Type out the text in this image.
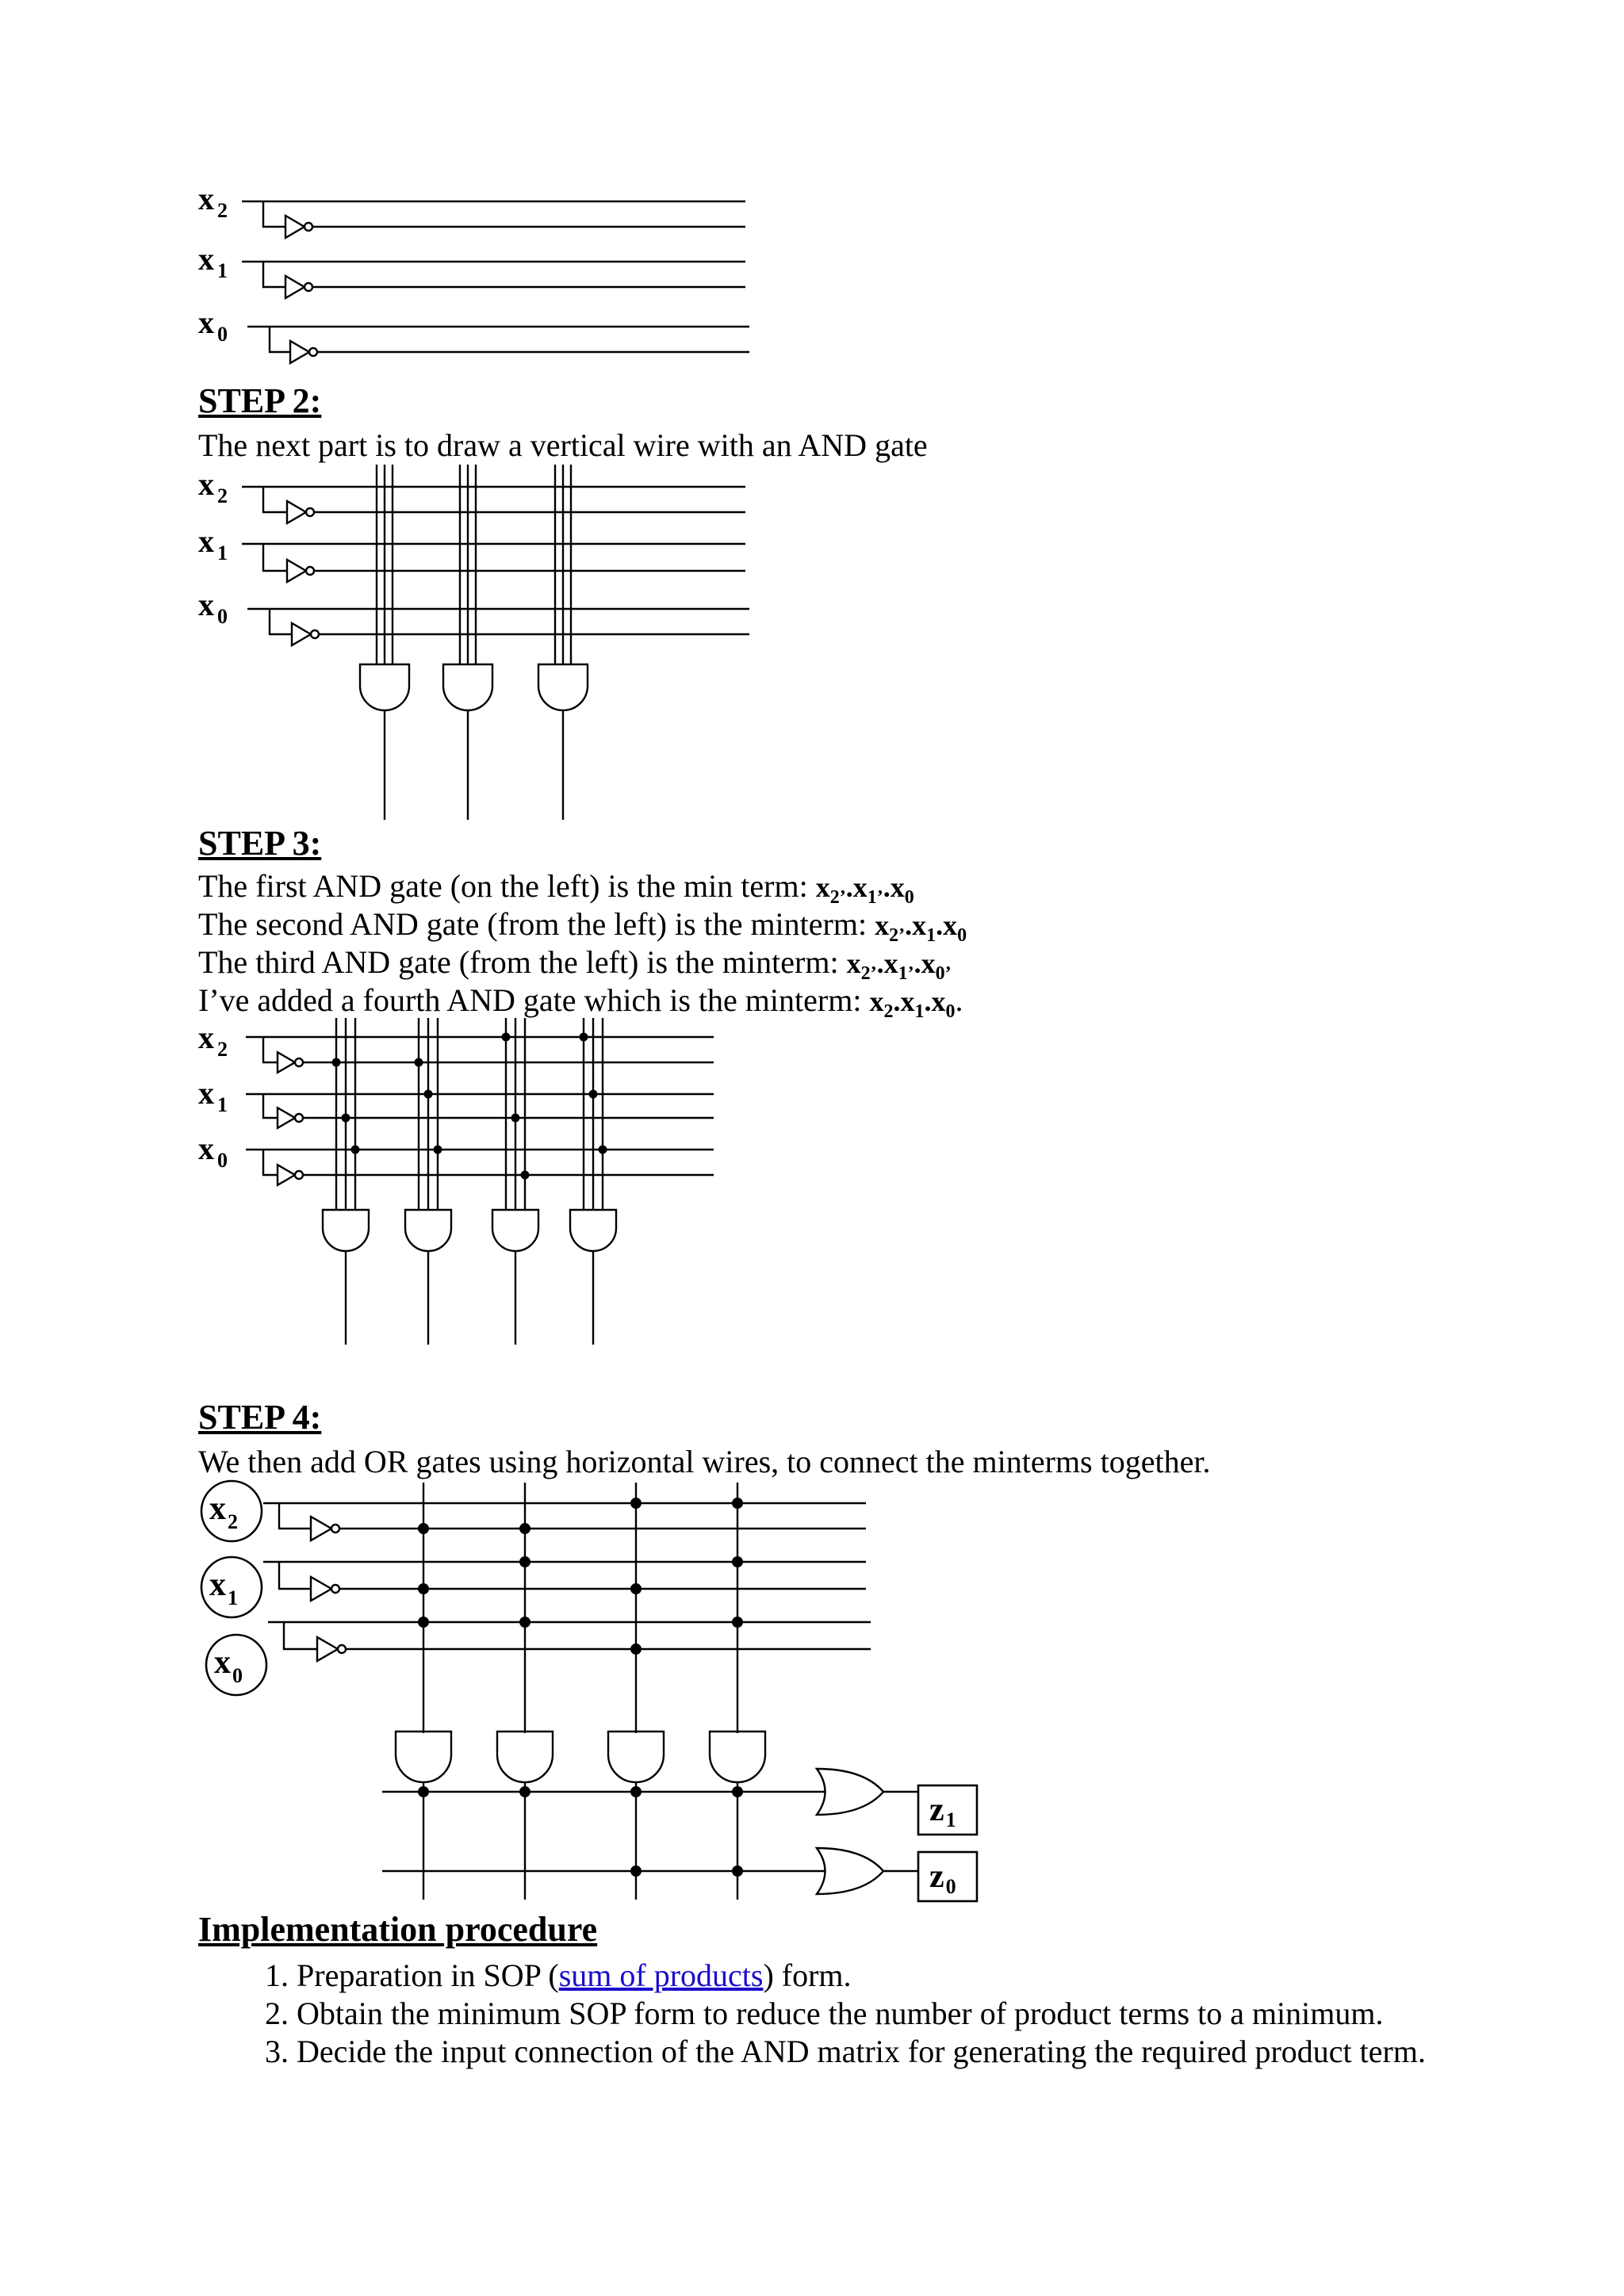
x $_2$
x $_1$
x $_0$
STEP 2:

The next part is to draw a vertical wire with an AND gate

x $_2$
x $_1$
x $_0$
STEP 3:

The first AND gate (on the left) is the min term: $x_{2’}.x_{1’}.x_0$

The second AND gate (from the left) is the minterm: $x_{2’}.x_1.x_0$

The third AND gate (from the left) is the minterm: $x_{2’}.x_{1’}.x_{0’}$

I’ve added a fourth AND gate which is the minterm: $x_2.x_1.x_0$.

x $_2$
x $_1$
x $_0$
STEP 4:

We then add OR gates using horizontal wires, to connect the minterms together.

$x_2$
$x_1$
$x_0$
z1
z0
Implementation procedure
1. Preparation in SOP (sum of products) form.
2. Obtain the minimum SOP form to reduce the number of product terms to a minimum.
3. Decide the input connection of the AND matrix for generating the required product term.
